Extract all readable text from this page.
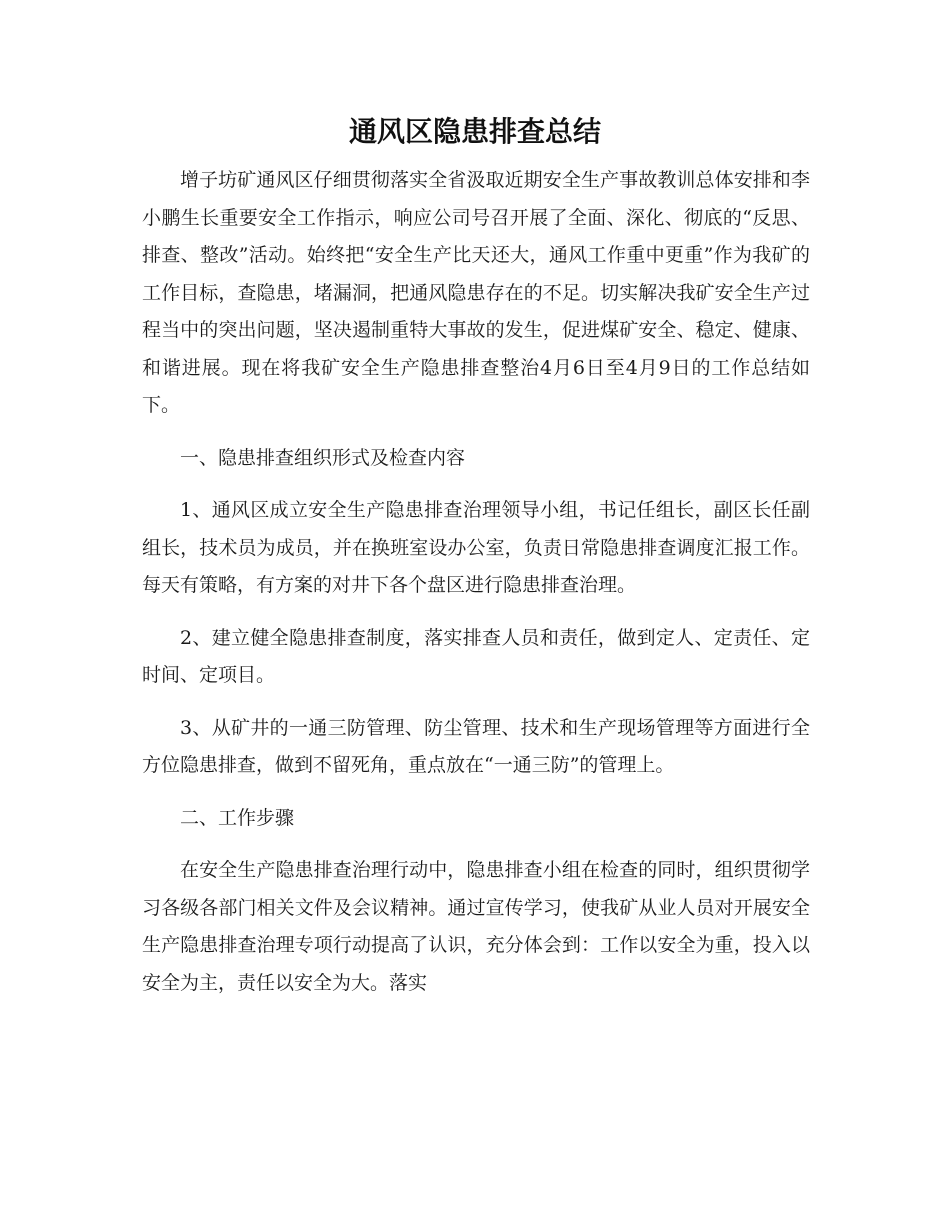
通风区隐患排查总结

增子坊矿通风区仔细贯彻落实全省汲取近期安全生产事故教训总体安排和李小鹏生长重要安全工作指示，响应公司号召开展了全面、深化、彻底的“反思、排查、整改”活动。始终把“安全生产比天还大，通风工作重中更重”作为我矿的工作目标，查隐患，堵漏洞，把通风隐患存在的不足。切实解决我矿安全生产过程当中的突出问题，坚决遏制重特大事故的发生，促进煤矿安全、稳定、健康、和谐进展。现在将我矿安全生产隐患排查整治4月6日至4月9日的工作总结如下。

一、隐患排查组织形式及检查内容

1、通风区成立安全生产隐患排查治理领导小组，书记任组长，副区长任副组长，技术员为成员，并在换班室设办公室，负责日常隐患排查调度汇报工作。每天有策略，有方案的对井下各个盘区进行隐患排查治理。

2、建立健全隐患排查制度，落实排查人员和责任，做到定人、定责任、定时间、定项目。

3、从矿井的一通三防管理、防尘管理、技术和生产现场管理等方面进行全方位隐患排查，做到不留死角，重点放在“一通三防”的管理上。

二、工作步骤

在安全生产隐患排查治理行动中，隐患排查小组在检查的同时，组织贯彻学习各级各部门相关文件及会议精神。通过宣传学习，使我矿从业人员对开展安全生产隐患排查治理专项行动提高了认识，充分体会到：工作以安全为重，投入以安全为主，责任以安全为大。落实
